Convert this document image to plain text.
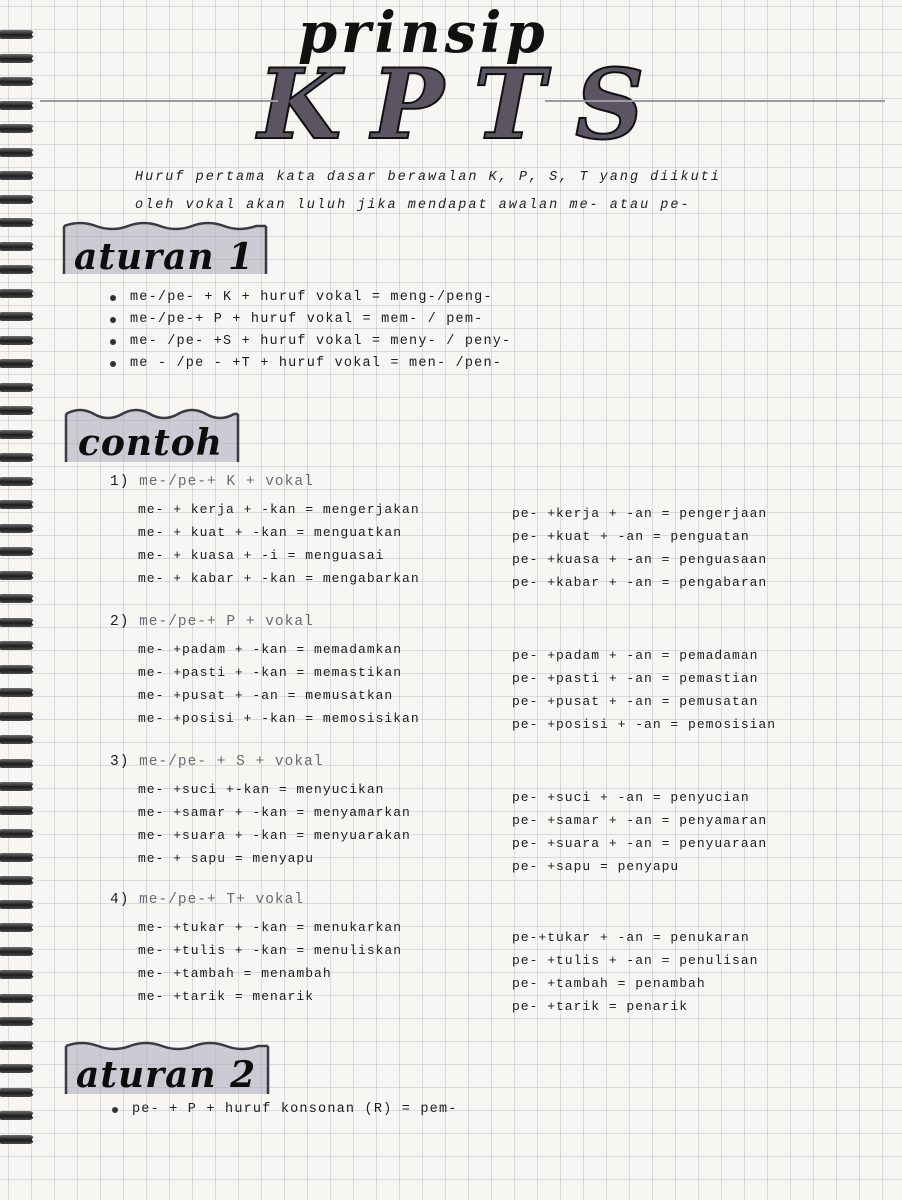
prinsip
KPTS
Huruf pertama kata dasar berawalan K, P, S, T yang diikuti
oleh vokal akan luluh jika mendapat awalan me- atau pe-
aturan 1
me-/pe- + K + huruf vokal = meng-/peng-
me-/pe-+ P + huruf vokal = mem- / pem-
me- /pe- +S + huruf vokal = meny- / peny-
me - /pe - +T + huruf vokal = men- /pen-
contoh
1) me-/pe-+ K + vokal
me- + kerja + -kan = mengerjakan
me- + kuat + -kan = menguatkan
me- + kuasa + -i = menguasai
me- + kabar + -kan = mengabarkan
pe- +kerja + -an = pengerjaan
pe- +kuat + -an = penguatan
pe- +kuasa + -an = penguasaan
pe- +kabar + -an = pengabaran
2) me-/pe-+ P + vokal
me- +padam + -kan = memadamkan
me- +pasti + -kan = memastikan
me- +pusat + -an = memusatkan
me- +posisi + -kan = memosisikan
pe- +padam + -an = pemadaman
pe- +pasti + -an = pemastian
pe- +pusat + -an = pemusatan
pe- +posisi + -an = pemosisian
3) me-/pe- + S + vokal
me- +suci +-kan = menyucikan
me- +samar + -kan = menyamarkan
me- +suara + -kan = menyuarakan
me- + sapu = menyapu
pe- +suci + -an = penyucian
pe- +samar + -an = penyamaran
pe- +suara + -an = penyuaraan
pe- +sapu = penyapu
4) me-/pe-+ T+ vokal
me- +tukar + -kan = menukarkan
me- +tulis + -kan = menuliskan
me- +tambah = menambah
me- +tarik = menarik
pe-+tukar + -an = penukaran
pe- +tulis + -an = penulisan
pe- +tambah = penambah
pe- +tarik = penarik
aturan 2
pe- + P + huruf konsonan (R) = pem-
